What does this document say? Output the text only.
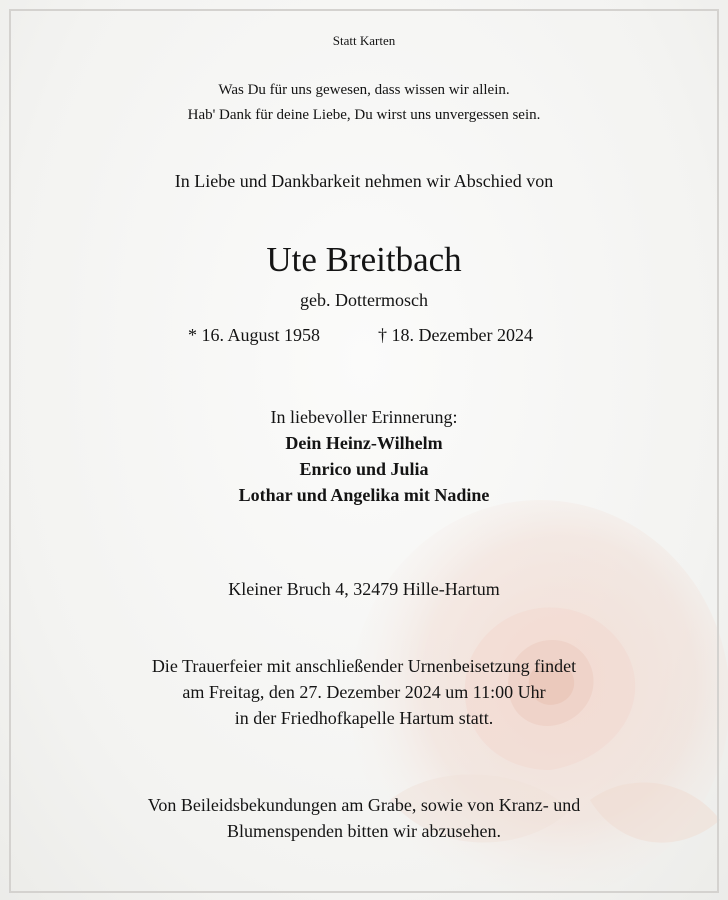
Statt Karten
Was Du für uns gewesen, dass wissen wir allein.
Hab' Dank für deine Liebe, Du wirst uns unvergessen sein.
In Liebe und Dankbarkeit nehmen wir Abschied von
Ute Breitbach
geb. Dottermosch
* 16. August 1958	† 18. Dezember 2024
In liebevoller Erinnerung:
Dein Heinz-Wilhelm
Enrico und Julia
Lothar und Angelika mit Nadine
Kleiner Bruch 4, 32479 Hille-Hartum
Die Trauerfeier mit anschließender Urnenbeisetzung findet
am Freitag, den 27. Dezember 2024 um 11:00 Uhr
in der Friedhofkapelle Hartum statt.
Von Beileidsbekundungen am Grabe, sowie von Kranz- und
Blumenspenden bitten wir abzusehen.
